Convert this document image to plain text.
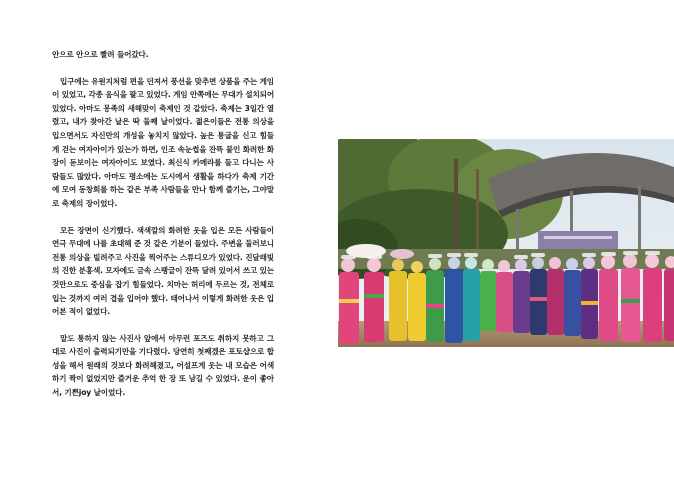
안으로 안으로 빨려 들어갔다.

입구에는 유원지처럼 편을 던져서 풍선을 맞추면 상품을 주는 게임이 있었고, 각종 음식을 팔고 있었다. 게임 안쪽에는 무대가 설치되어 있었다. 아마도 몽족의 새해맞이 축제인 것 같았다. 축제는 3일간 열렸고, 내가 찾아간 날은 딱 둘째 날이었다. 젊은이들은 전통 의상을 입으면서도 자신만의 개성을 놓치지 않았다. 높은 통굽을 신고 힘들게 걷는 여자아이가 있는가 하면, 인조 속눈썹을 잔뜩 붙인 화려한 화장이 돋보이는 여자아이도 보였다. 최신식 카메라를 들고 다니는 사람들도 많았다. 아마도 평소에는 도시에서 생활을 하다가 축제 기간에 모여 동창회를 하는 같은 부족 사람들을 만나 함께 즐기는, 그야말로 축제의 장이었다.

모든 장면이 신기했다. 색색깔의 화려한 옷을 입은 모든 사람들이 연극 무대에 나를 초대해 준 것 같은 기분이 들었다. 주변을 둘러보니 전통 의상을 빌려주고 사진을 찍어주는 스튜디오가 있었다. 진달래빛의 진한 분홍색. 모자에도 금속 스팽글이 잔뜩 달려 있어서 쓰고 있는 것만으로도 중심을 잡기 힘들었다. 치마는 허리에 두르는 것, 전체로 입는 것까지 여러 겹을 입어야 했다. 태어나서 이렇게 화려한 옷은 입어본 적이 없었다.

말도 통하지 않는 사진사 앞에서 아무런 포즈도 취하지 못하고 그대로 사진이 출력되기만을 기다렸다. 당연히 첫째겠은 포토샵으로 합성을 해서 원래의 것보다 화려해졌고, 어설프게 웃는 내 모습은 어색하기 짝이 없었지만 즐거운 추억 한 장 또 남길 수 있었다. 운이 좋아서, 기쁜joy 날이었다.
